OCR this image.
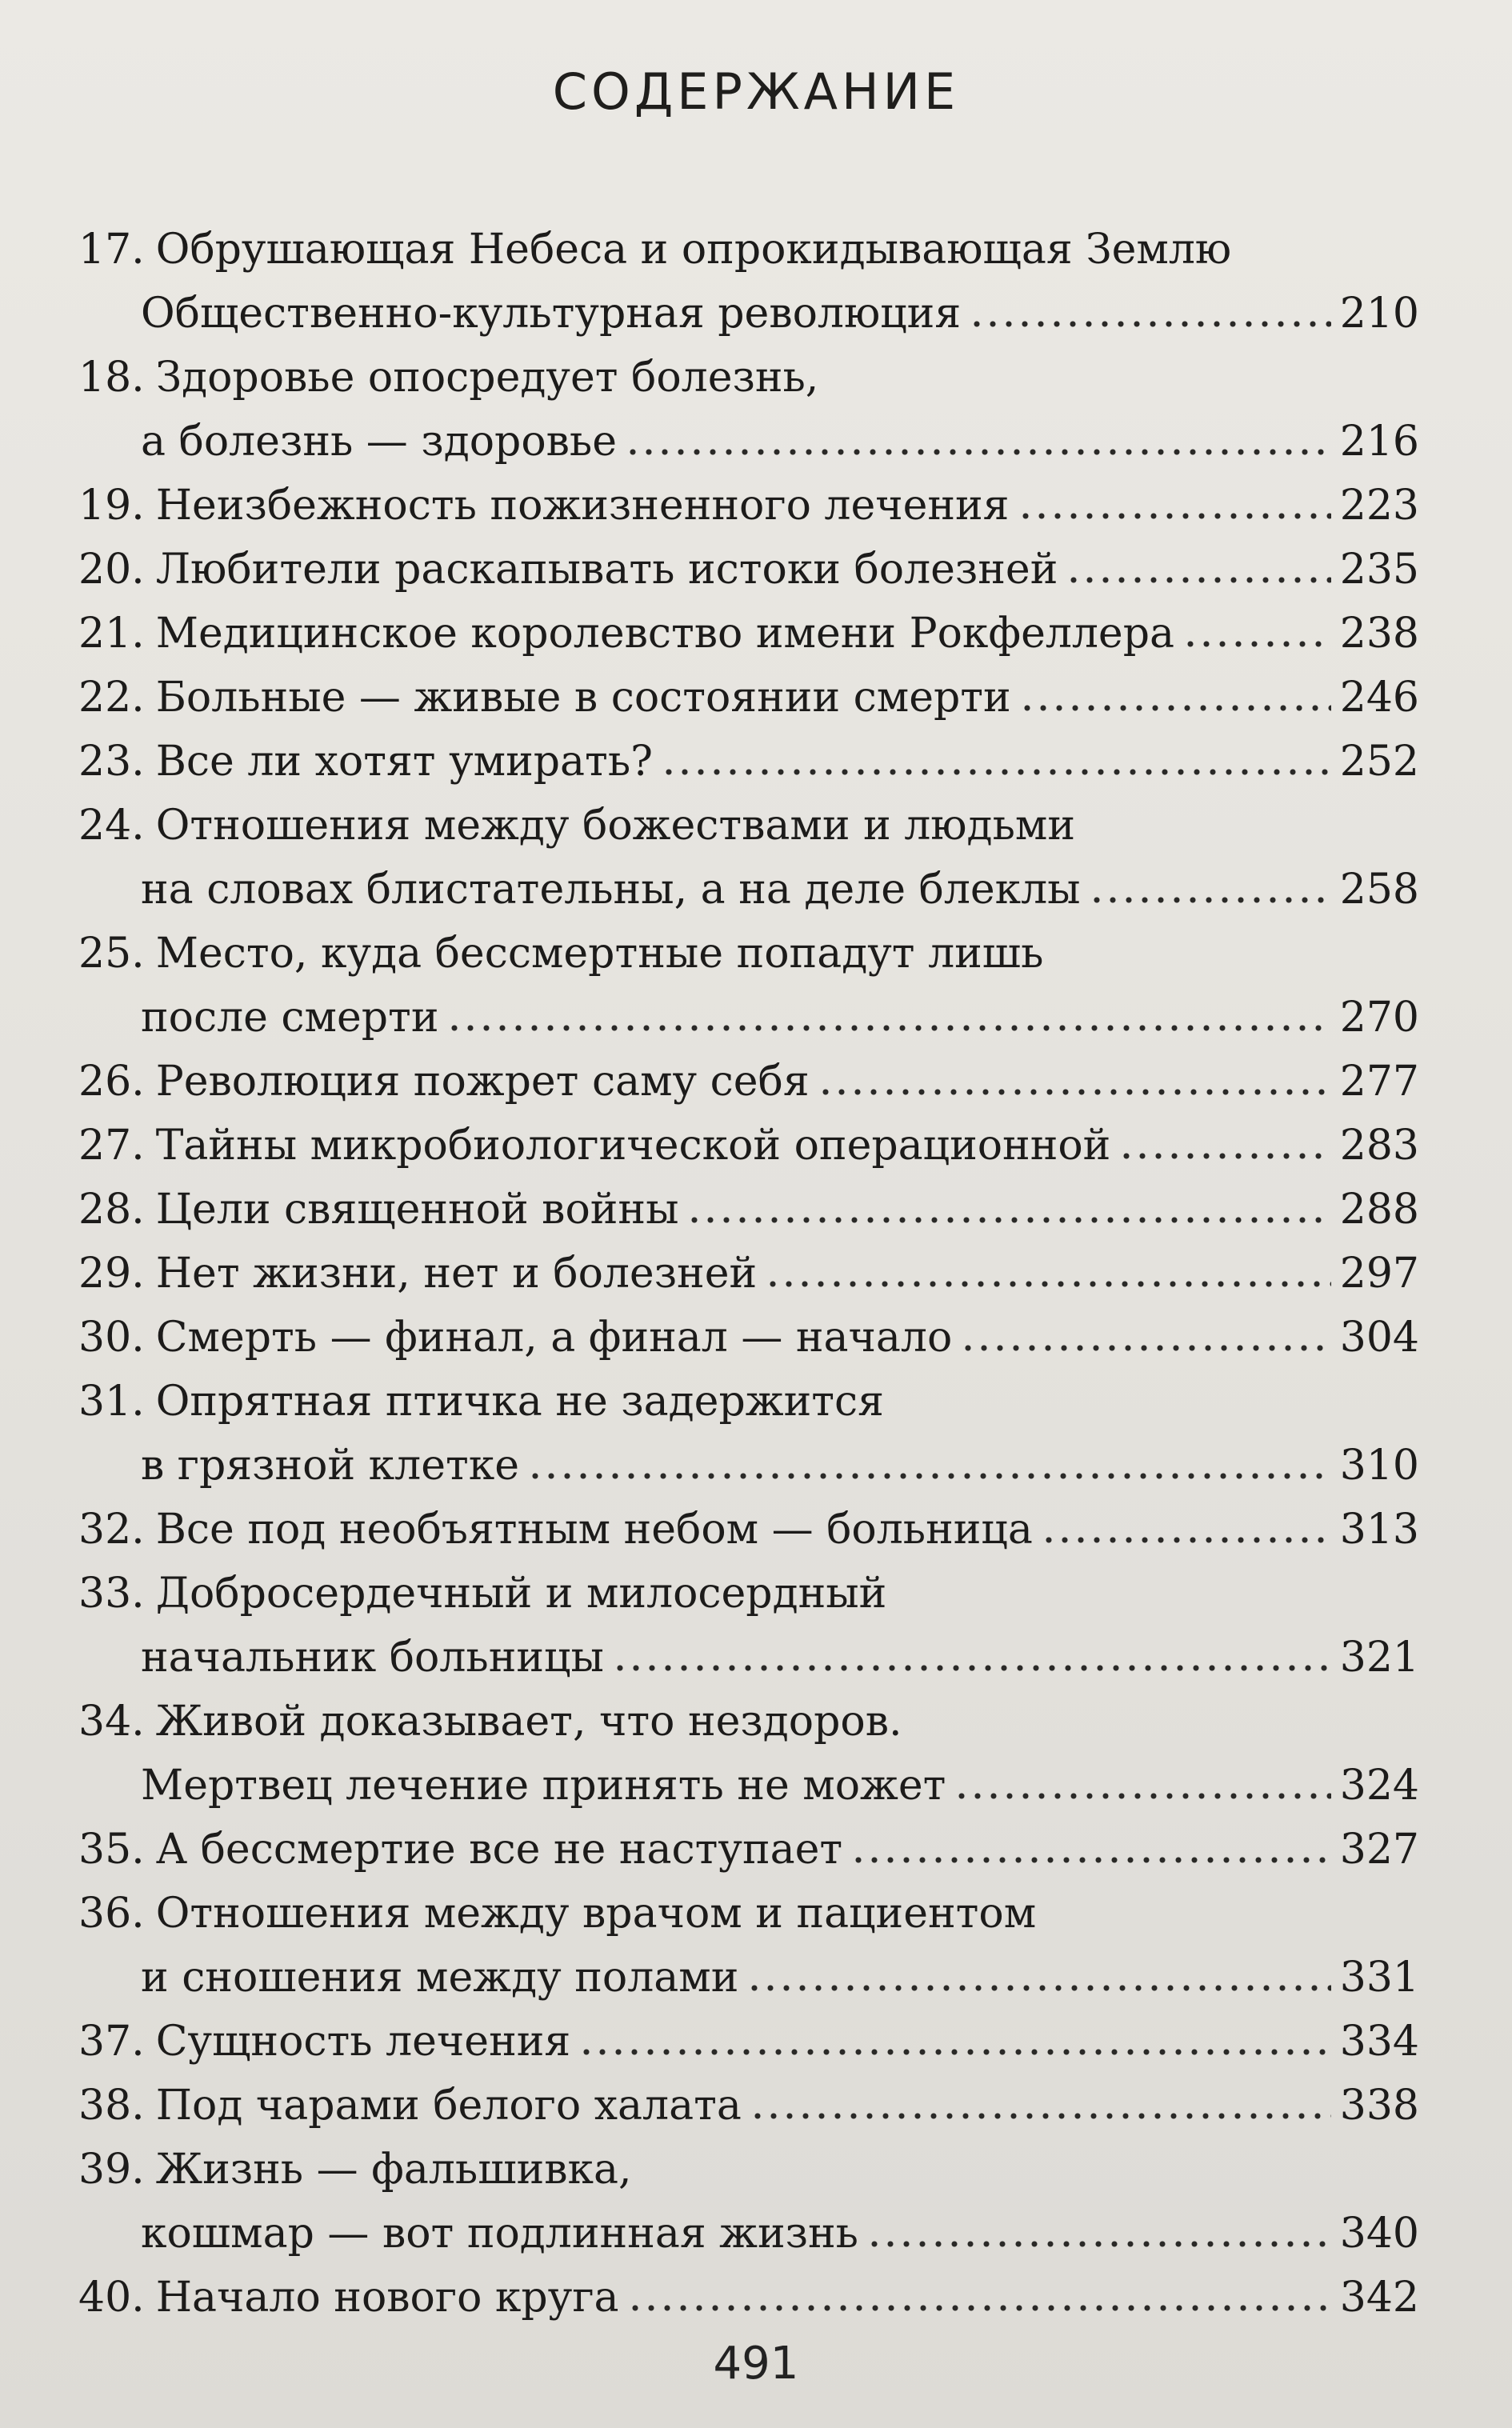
СОДЕРЖАНИЕ
17. Обрушающая Небеса и опрокидывающая Землю
Общественно-культурная революция	210
18. Здоровье опосредует болезнь,
а болезнь — здоровье	216
19. Неизбежность пожизненного лечения	223
20. Любители раскапывать истоки болезней	235
21. Медицинское королевство имени Рокфеллера	238
22. Больные — живые в состоянии смерти	246
23. Все ли хотят умирать?	252
24. Отношения между божествами и людьми
на словах блистательны, а на деле блеклы	258
25. Место, куда бессмертные попадут лишь
после смерти	270
26. Революция пожрет саму себя	277
27. Тайны микробиологической операционной	283
28. Цели священной войны	288
29. Нет жизни, нет и болезней	297
30. Смерть — финал, а финал — начало	304
31. Опрятная птичка не задержится
в грязной клетке	310
32. Все под необъятным небом — больница	313
33. Добросердечный и милосердный
начальник больницы	321
34. Живой доказывает, что нездоров.
Мертвец лечение принять не может	324
35. А бессмертие все не наступает	327
36. Отношения между врачом и пациентом
и сношения между полами	331
37. Сущность лечения	334
38. Под чарами белого халата	338
39. Жизнь — фальшивка,
кошмар — вот подлинная жизнь	340
40. Начало нового круга	342
491
